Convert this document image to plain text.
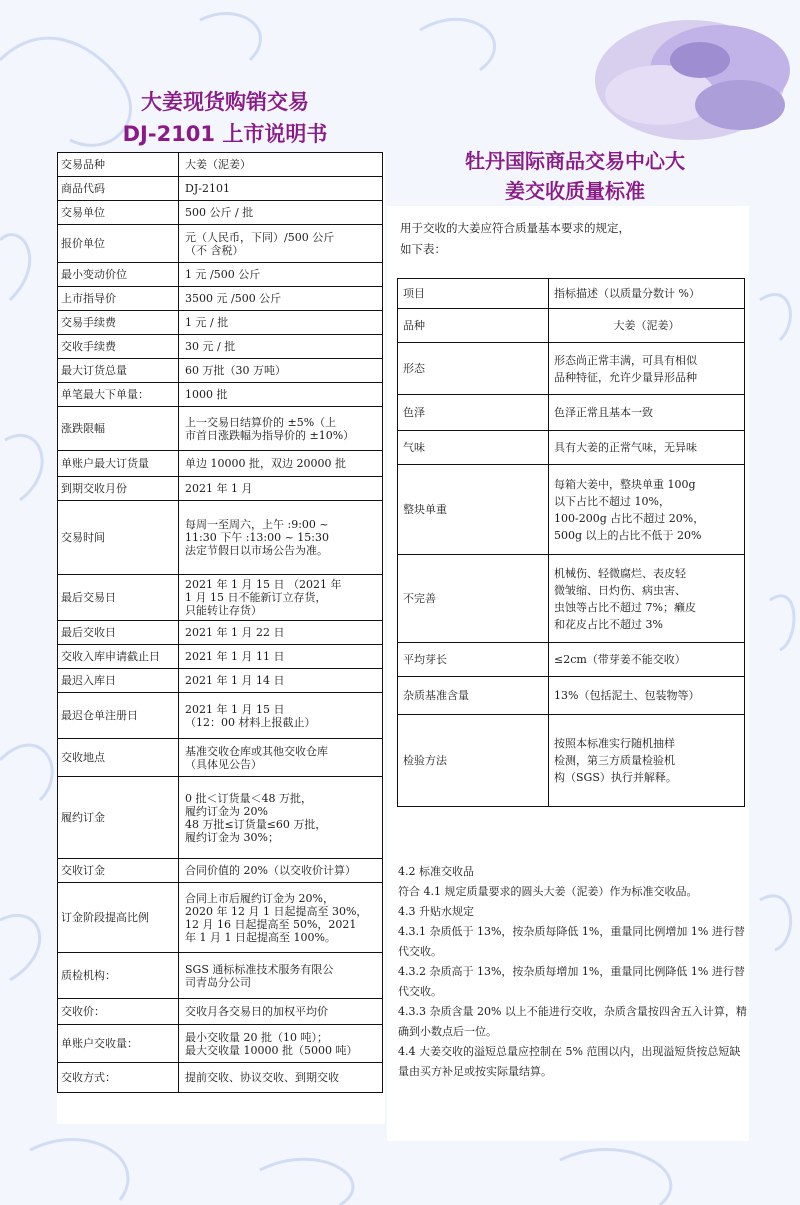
大姜现货购销交易
DJ-2101 上市说明书
牡丹国际商品交易中心大
姜交收质量标准
交易品种	大姜（泥姜）

商品代码	DJ-2101

交易单位	500 公斤 / 批

报价单位	元（人民币，下同）/500 公斤
（不 含税）

最小变动价位	1 元 /500 公斤

上市指导价	3500 元 /500 公斤

交易手续费	1 元 / 批

交收手续费	30 元 / 批

最大订货总量	60 万批（30 万吨）

单笔最大下单量：	1000 批

涨跌限幅	上一交易日结算价的 ±5%（上
市首日涨跌幅为指导价的 ±10%）

单账户最大订货量	单边 10000 批，双边 20000 批

到期交收月份	2021 年 1 月

交易时间	每周一至周六，上午 :9:00 ~
11:30 下午 :13:00 ~ 15:30
法定节假日以市场公告为准。

最后交易日	2021 年 1 月 15 日 （2021 年
1 月 15 日不能新订立存货，
只能转让存货）

最后交收日	2021 年 1 月 22 日

交收入库申请截止日	2021 年 1 月 11 日

最迟入库日	2021 年 1 月 14 日

最迟仓单注册日	2021 年 1 月 15 日
（12：00 材料上报截止）

交收地点	基准交收仓库或其他交收仓库
（具体见公告）

履约订金	0 批＜订货量＜48 万批，
履约订金为 20%
48 万批≤订货量≤60 万批，
履约订金为 30%；

交收订金	合同价值的 20%（以交收价计算）

订金阶段提高比例	合同上市后履约订金为 20%，
2020 年 12 月 1 日起提高至 30%，
12 月 16 日起提高至 50%，2021
年 1 月 1 日起提高至 100%。

质检机构：	SGS 通标标准技术服务有限公
司青岛分公司

交收价：	交收月各交易日的加权平均价

单账户交收量：	最小交收量 20 批（10 吨）；
最大交收量 10000 批（5000 吨）

交收方式：	提前交收、协议交收、到期交收

用于交收的大姜应符合质量基本要求的规定，
如下表：

项目	指标描述（以质量分数计 %）

品种	大姜（泥姜）

形态	形态尚正常丰满，可具有相似
品种特征，允许少量异形品种

色泽	色泽正常且基本一致

气味	具有大姜的正常气味，无异味

整块单重	每箱大姜中，整块单重 100g
以下占比不超过 10%，
100-200g 占比不超过 20%，
500g 以上的占比不低于 20%

不完善	机械伤、轻微腐烂、表皮轻
微皱缩、日灼伤、病虫害、
虫蚀等占比不超过 7%；癞皮
和花皮占比不超过 3%

平均芽长	≤2cm（带芽姜不能交收）

杂质基准含量	13%（包括泥土、包装物等）

检验方法	按照本标准实行随机抽样
检测，第三方质量检验机
构（SGS）执行并解释。

4.2 标准交收品

符合 4.1 规定质量要求的圆头大姜（泥姜）作为标准交收品。

4.3 升贴水规定

4.3.1 杂质低于 13%，按杂质每降低 1%，重量同比例增加 1% 进行替代交收。

4.3.2 杂质高于 13%，按杂质每增加 1%，重量同比例降低 1% 进行替代交收。

4.3.3 杂质含量 20% 以上不能进行交收，杂质含量按四舍五入计算，精确到小数点后一位。

4.4 大姜交收的溢短总量应控制在 5% 范围以内，出现溢短货按总短缺量由买方补足或按实际量结算。
